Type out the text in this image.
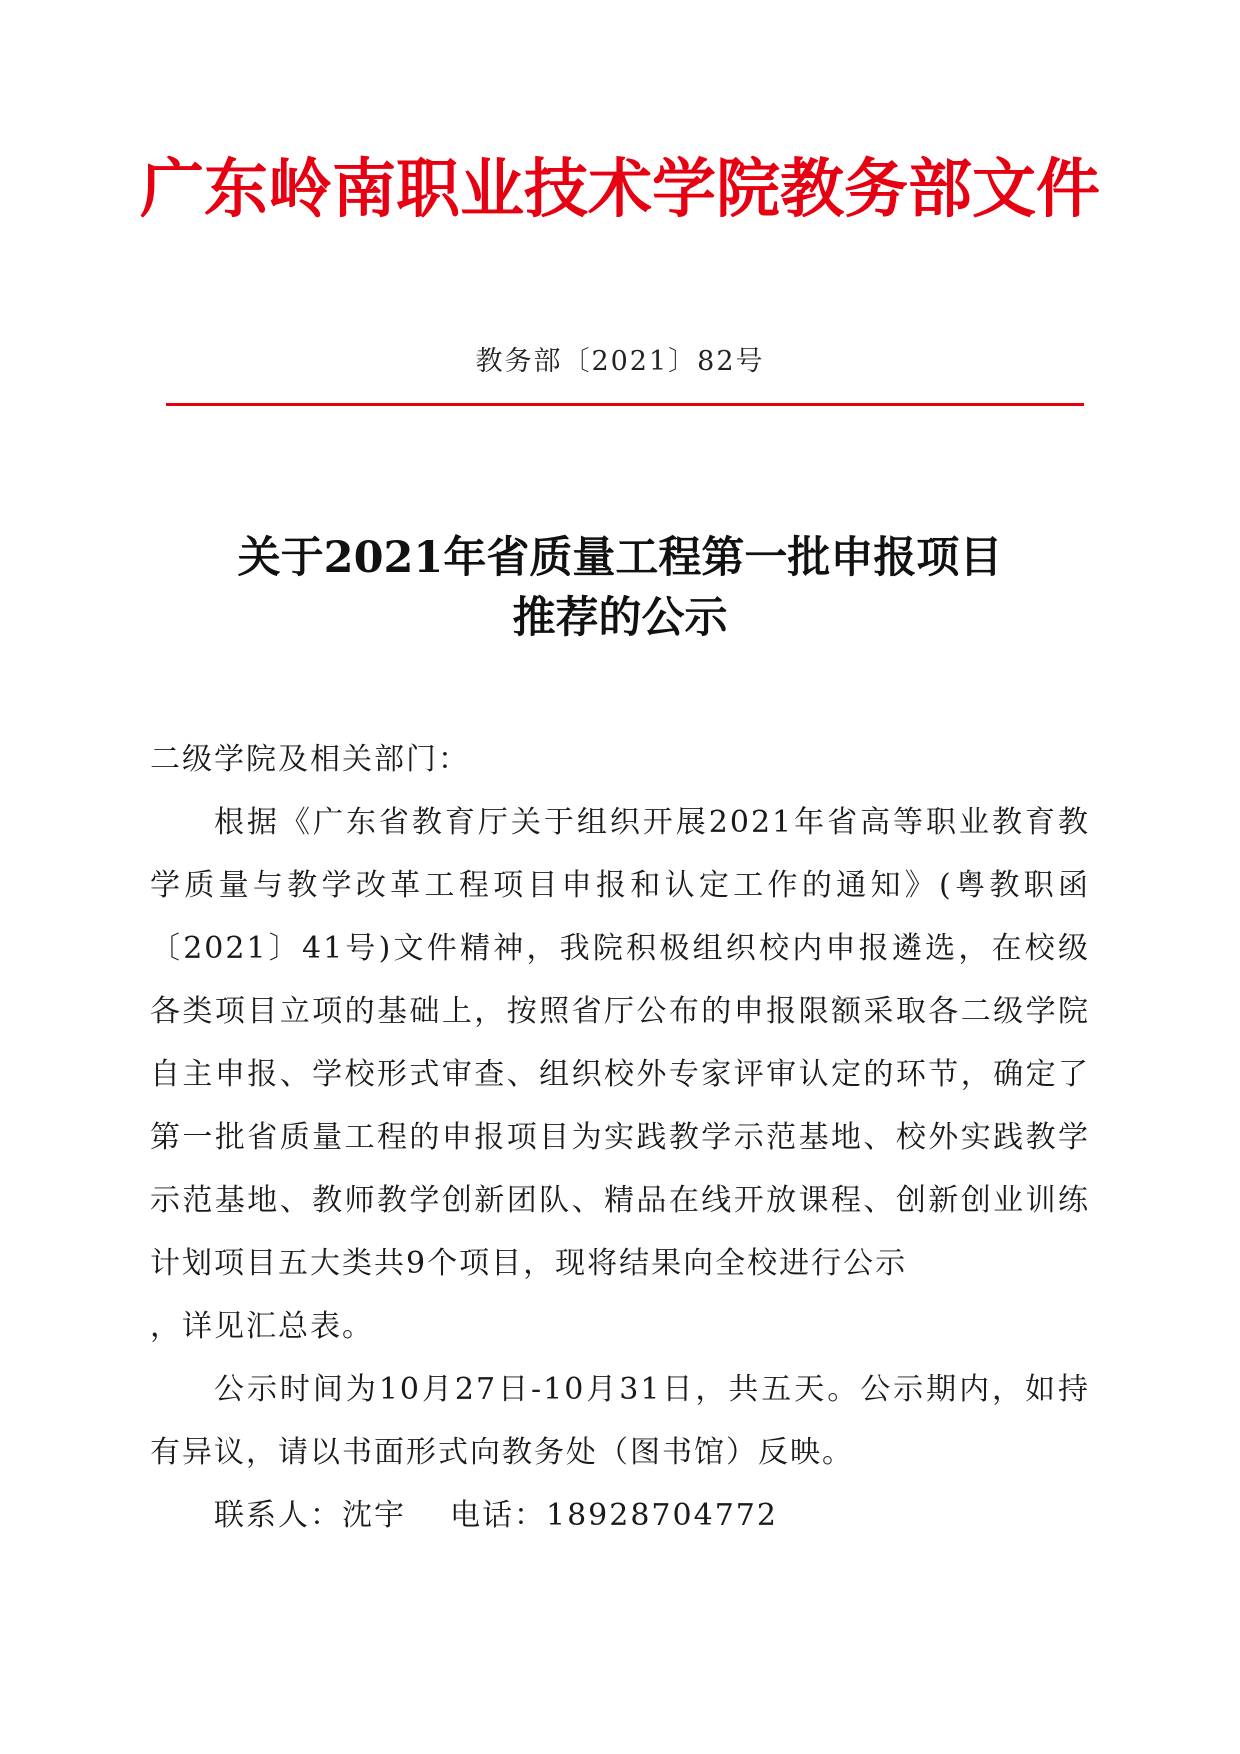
广东岭南职业技术学院教务部文件
教务部〔2021〕82号
关于2021年省质量工程第一批申报项目
推荐的公示

二级学院及相关部门：

根据《广东省教育厅关于组织开展2021年省高等职业教育教学质量与教学改革工程项目申报和认定工作的通知》(粤教职函〔2021〕41号)文件精神，我院积极组织校内申报遴选，在校级各类项目立项的基础上，按照省厅公布的申报限额采取各二级学院自主申报、学校形式审查、组织校外专家评审认定的环节，确定了第一批省质量工程的申报项目为实践教学示范基地、校外实践教学示范基地、教师教学创新团队、精品在线开放课程、创新创业训练计划项目五大类共9个项目，现将结果向全校进行公示

，详见汇总表。

公示时间为10月27日-10月31日，共五天。公示期内，如持有异议，请以书面形式向教务处（图书馆）反映。

联系人：沈宇 电话：18928704772
